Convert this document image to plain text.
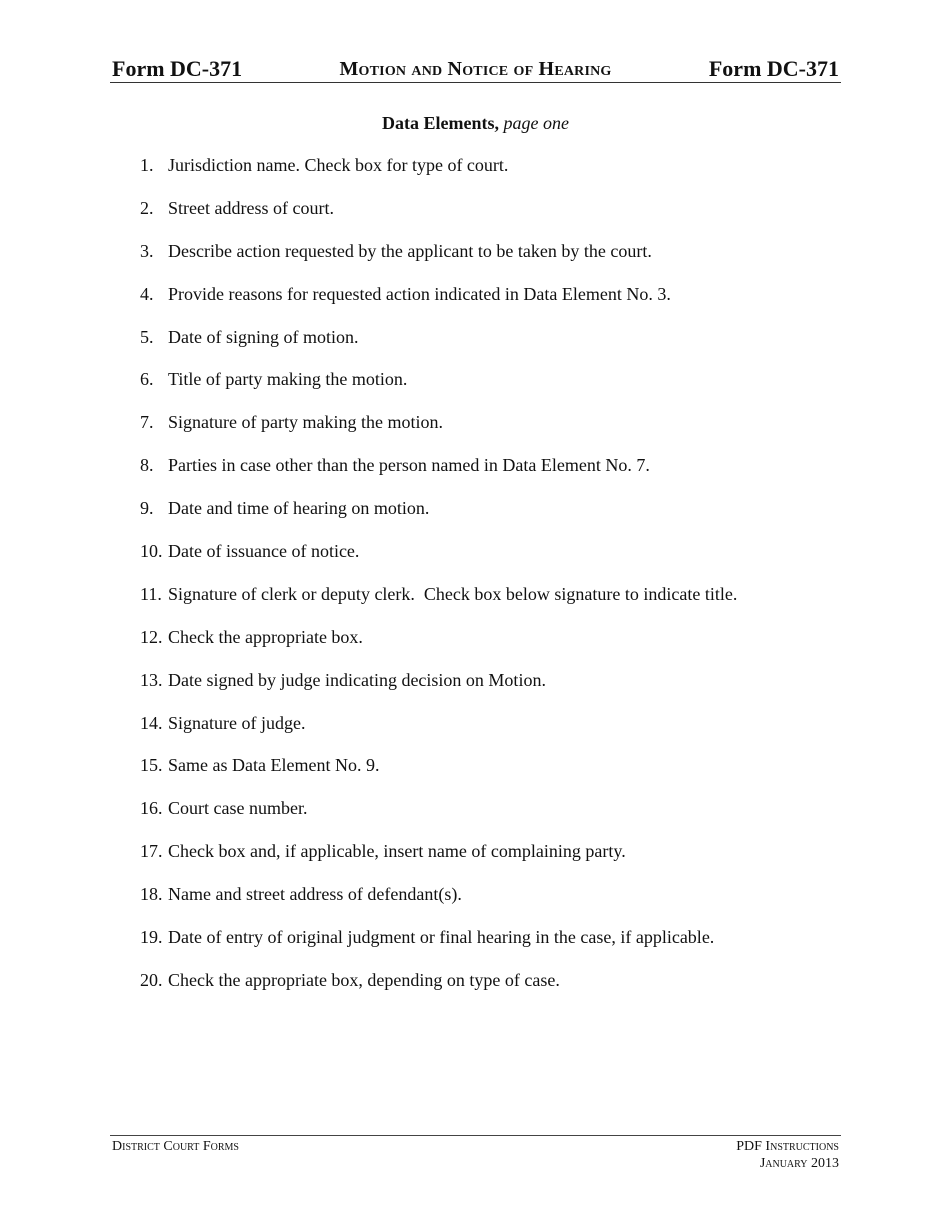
Form DC-371	Motion and Notice of Hearing	Form DC-371
Data Elements, page one
1. Jurisdiction name. Check box for type of court.
2. Street address of court.
3. Describe action requested by the applicant to be taken by the court.
4. Provide reasons for requested action indicated in Data Element No. 3.
5. Date of signing of motion.
6. Title of party making the motion.
7. Signature of party making the motion.
8. Parties in case other than the person named in Data Element No. 7.
9. Date and time of hearing on motion.
10. Date of issuance of notice.
11. Signature of clerk or deputy clerk.  Check box below signature to indicate title.
12. Check the appropriate box.
13. Date signed by judge indicating decision on Motion.
14. Signature of judge.
15. Same as Data Element No. 9.
16. Court case number.
17. Check box and, if applicable, insert name of complaining party.
18. Name and street address of defendant(s).
19. Date of entry of original judgment or final hearing in the case, if applicable.
20. Check the appropriate box, depending on type of case.
District Court Forms	PDF Instructions
January 2013
